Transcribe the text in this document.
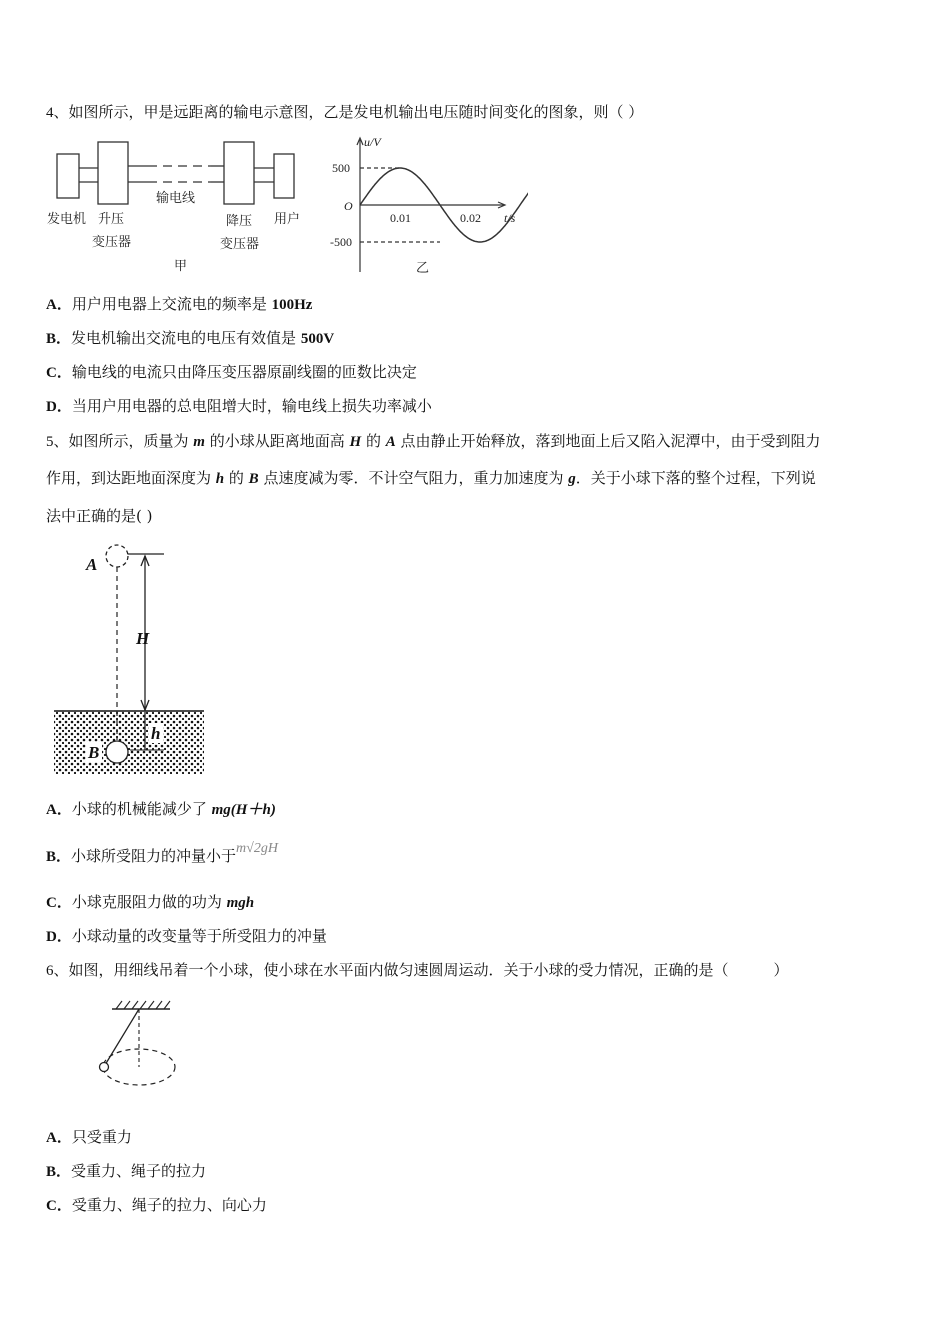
4、如图所示，甲是远距离的输电示意图，乙是发电机输出电压随时间变化的图象，则（ ）
发电机 升压
变压器
输电线
降压
变压器
用户
甲
u/V
500
O
-500
0.01	0.02 t/s
乙
A．用户用电器上交流电的频率是 100Hz
B．发电机输出交流电的电压有效值是 500V
C．输电线的电流只由降压变压器原副线圈的匝数比决定
D．当用户用电器的总电阻增大时，输电线上损失功率减小
5、如图所示，质量为 m 的小球从距离地面高 H 的 A 点由静止开始释放，落到地面上后又陷入泥潭中，由于受到阻力
作用，到达距地面深度为 h 的 B 点速度减为零．不计空气阻力，重力加速度为 g．关于小球下落的整个过程，下列说
法中正确的是( )
A
H
h
B
A．小球的机械能减少了 mg(H＋h)
B．小球所受阻力的冲量小于m√2gH
C．小球克服阻力做的功为 mgh
D．小球动量的改变量等于所受阻力的冲量
6、如图，用细线吊着一个小球，使小球在水平面内做匀速圆周运动．关于小球的受力情况，正确的是（　　　）
A．只受重力
B．受重力、绳子的拉力
C．受重力、绳子的拉力、向心力
